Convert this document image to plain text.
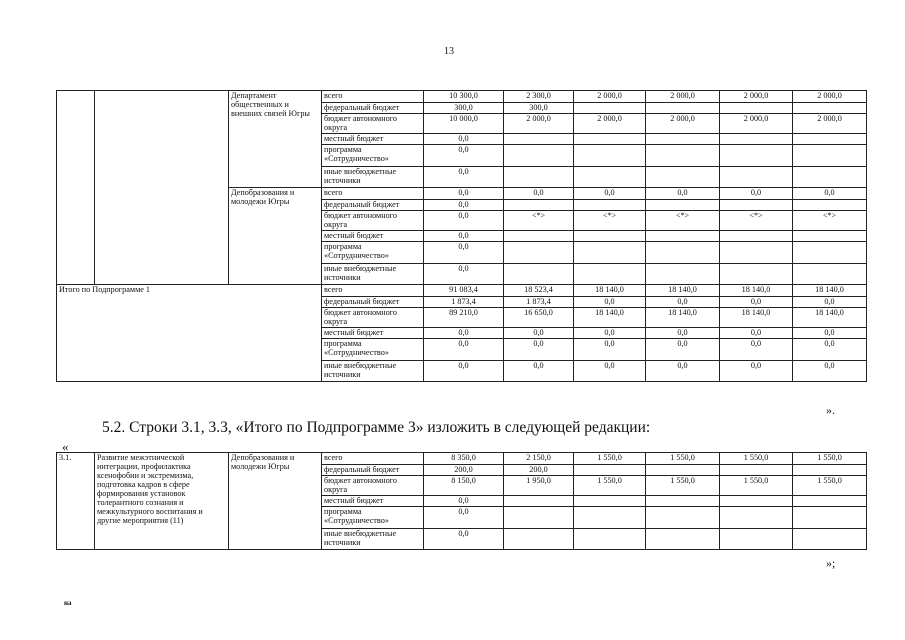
13
		Департамент общественных и внешних связей Югры	всего	10 300,0	2 300,0	2 000,0	2 000,0	2 000,0	2 000,0
			федеральный бюджет	300,0	300,0				
			бюджет автономного округа	10 000,0	2 000,0	2 000,0	2 000,0	2 000,0	2 000,0
			местный бюджет	0,0					
			программа «Сотрудничество»	0,0					
			иные внебюджетные источники	0,0					
		Депобразования и молодежи Югры	всего	0,0	0,0	0,0	0,0	0,0	0,0
			федеральный бюджет	0,0					
			бюджет автономного округа	0,0	<*>	<*>	<*>	<*>	<*>
			местный бюджет	0,0					
			программа «Сотрудничество»	0,0					
			иные внебюджетные источники	0,0					
Итого по Подпрограмме 1			всего	91 083,4	18 523,4	18 140,0	18 140,0	18 140,0	18 140,0
			федеральный бюджет	1 873,4	1 873,4	0,0	0,0	0,0	0,0
			бюджет автономного округа	89 210,0	16 650,0	18 140,0	18 140,0	18 140,0	18 140,0
			местный бюджет	0,0	0,0	0,0	0,0	0,0	0,0
			программа «Сотрудничество»	0,0	0,0	0,0	0,0	0,0	0,0
			иные внебюджетные источники	0,0	0,0	0,0	0,0	0,0	0,0
».
5.2. Строки 3.1, 3.3, «Итого по Подпрограмме 3» изложить в следующей редакции:
«
3.1.	Развитие межэтнической интеграции, профилактика ксенофобии и экстремизма, подготовка кадров в сфере формирования установок толерантного сознания и межкультурного воспитания и другие мероприятия (11)	Депобразования и молодежи Югры	всего	8 350,0	2 150,0	1 550,0	1 550,0	1 550,0	1 550,0
			федеральный бюджет	200,0	200,0				
			бюджет автономного округа	8 150,0	1 950,0	1 550,0	1 550,0	1 550,0	1 550,0
			местный бюджет	0,0					
			программа «Сотрудничество»	0,0					
			иные внебюджетные источники	0,0					
»;
на
